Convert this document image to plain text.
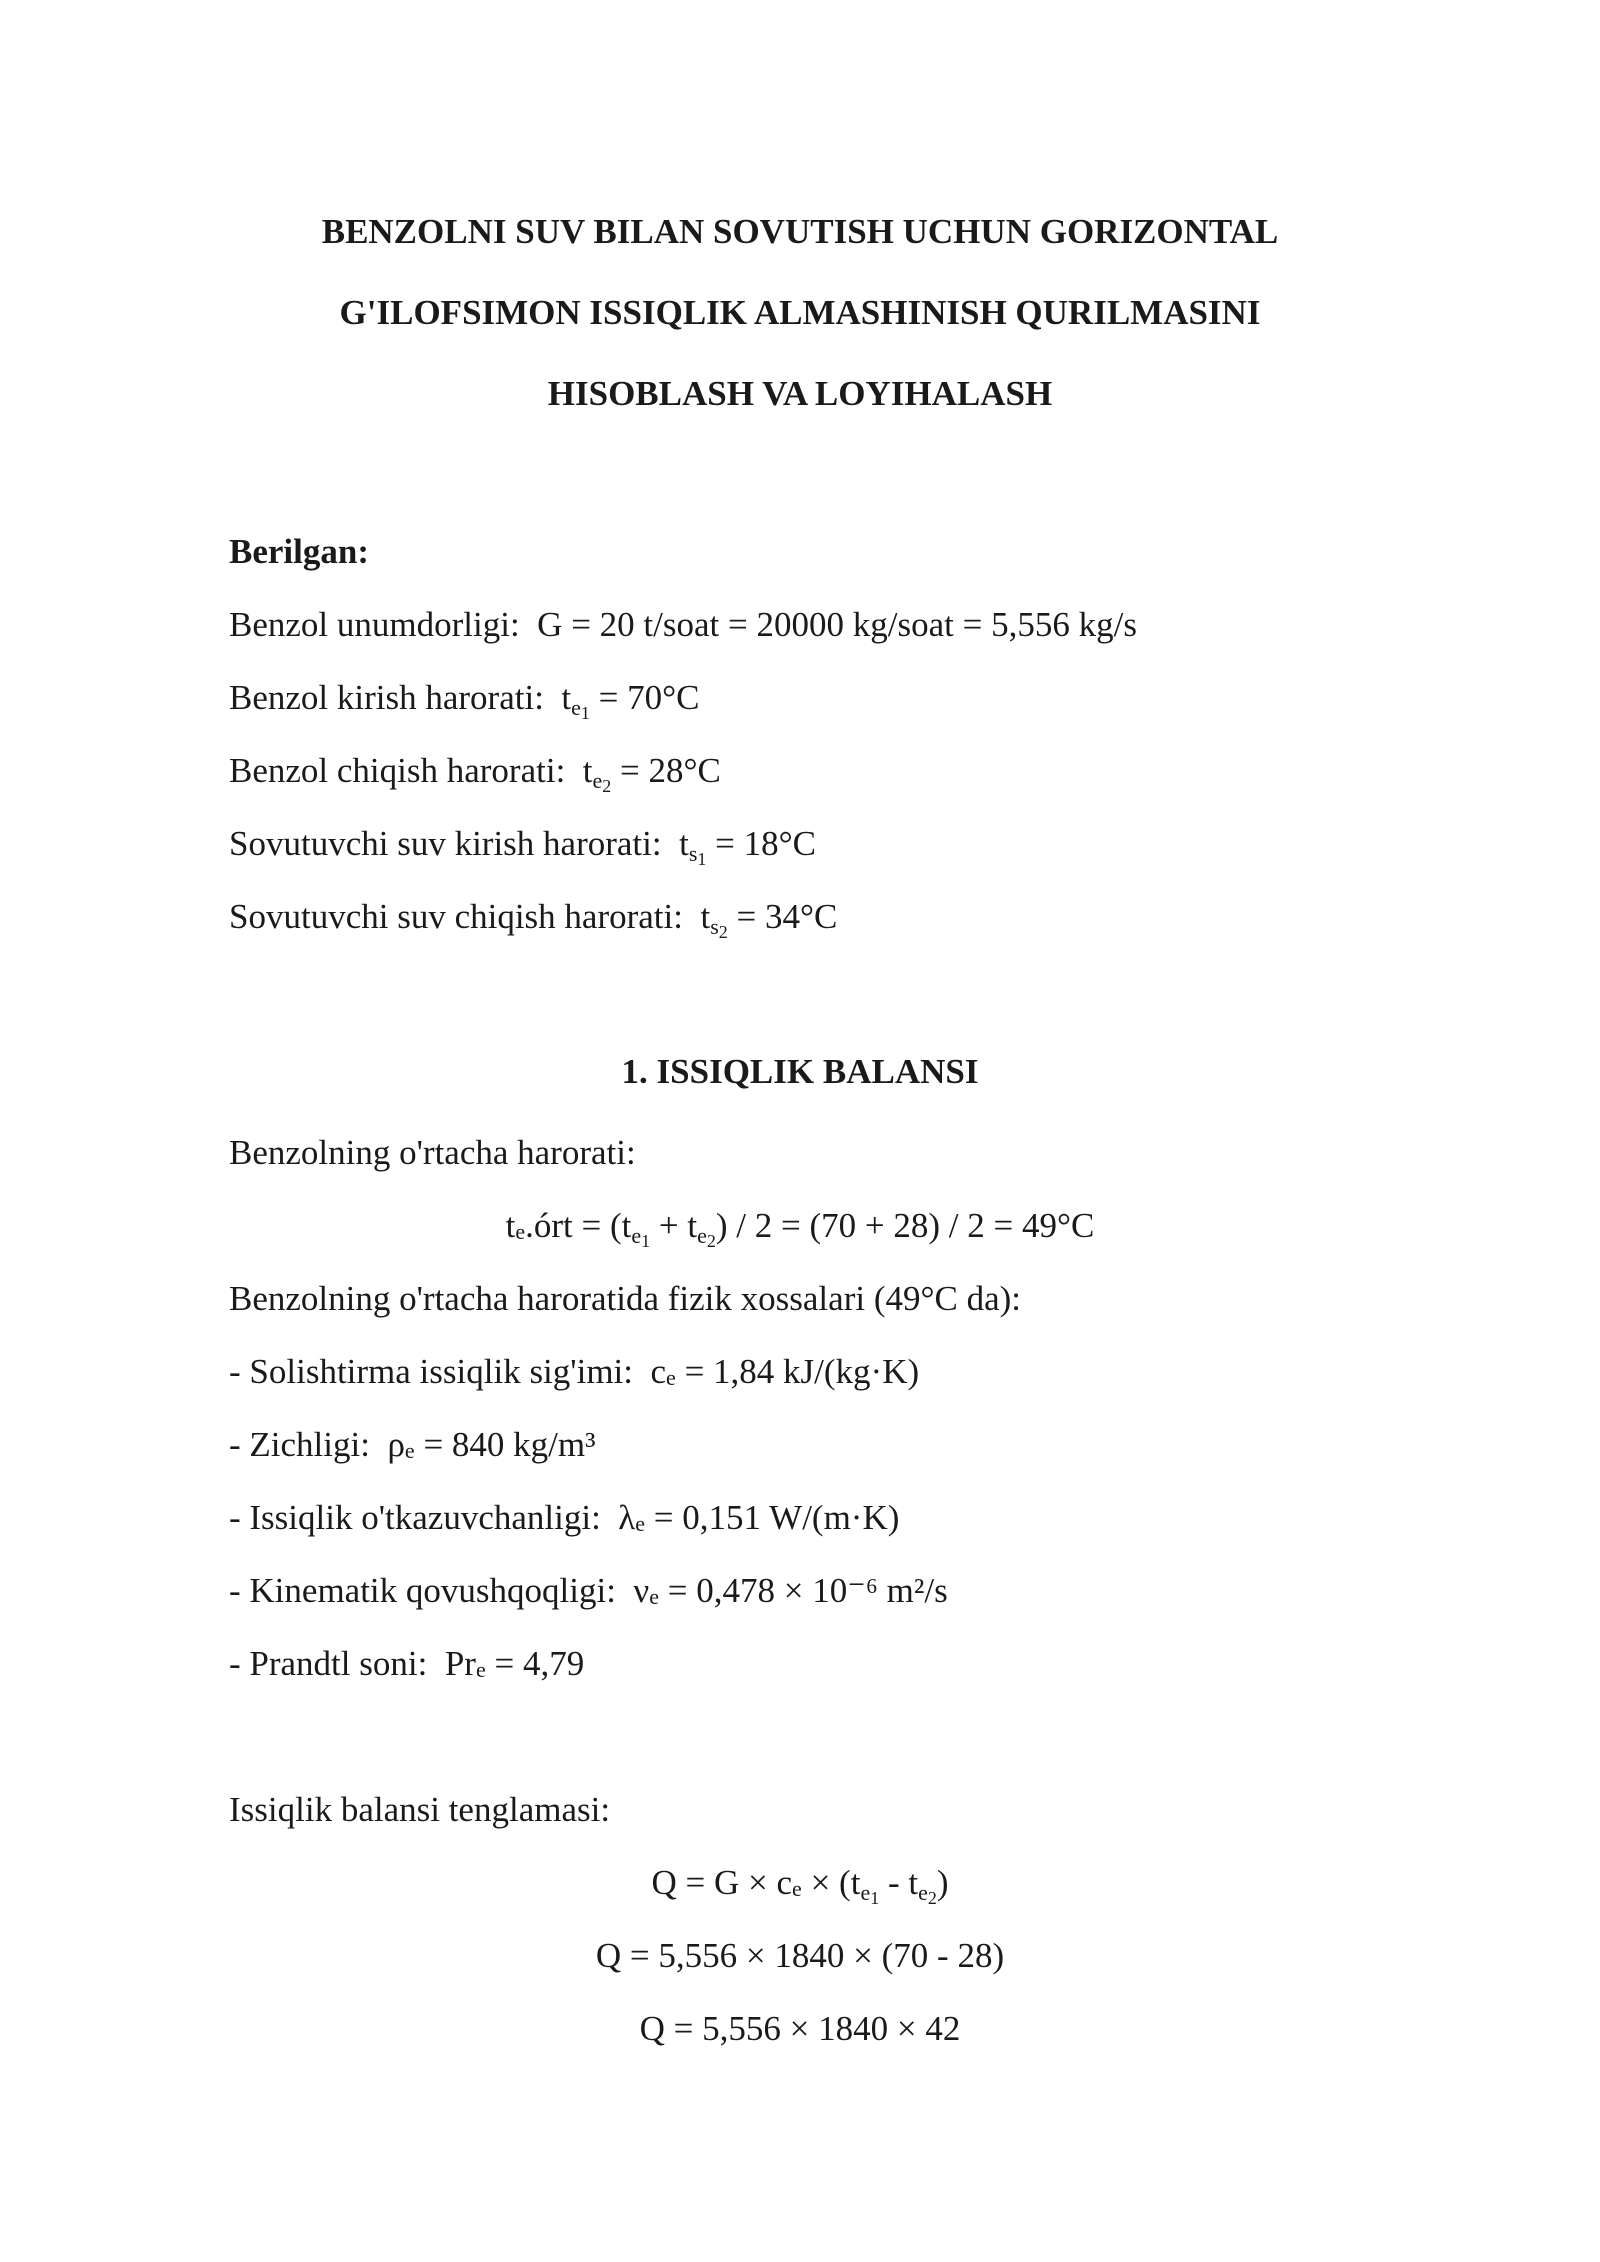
BENZOLNI SUV BILAN SOVUTISH UCHUN GORIZONTAL
G'ILOFSIMON ISSIQLIK ALMASHINISH QURILMASINI
HISOBLASH VA LOYIHALASH
Berilgan:
Benzol unumdorligi: G = 20 t/soat = 20000 kg/soat = 5,556 kg/s
Benzol kirish harorati: $t_{e1} = 70^\circ C$
Benzol chiqish harorati: $t_{e2} = 28^\circ C$
Sovutuvchi suv kirish harorati: $t_{s1} = 18^\circ C$
Sovutuvchi suv chiqish harorati: $t_{s2} = 34^\circ C$
1. ISSIQLIK BALANSI
Benzolning o'rtacha harorati:
te.órt = $(t_{e1} + t_{e2}) / 2 = (70 + 28) / 2 = 49^\circ C$
Benzolning o'rtacha haroratida fizik xossalari (49°C da):
- Solishtirma issiqlik sig'imi: ce = 1,84 kJ/(kg·K)
- Zichligi: ρe = 840 kg/m³
- Issiqlik o'tkazuvchanligi: λe = 0,151 W/(m·K)
- Kinematik qovushqoqligi: νe = 0,478 × 10⁻⁶ m²/s
- Prandtl soni: Pre = 4,79
Issiqlik balansi tenglamasi:
Q = G × ce × $(t_{e1} - t_{e2})$
Q = 5,556 × 1840 × (70 - 28)
Q = 5,556 × 1840 × 42
